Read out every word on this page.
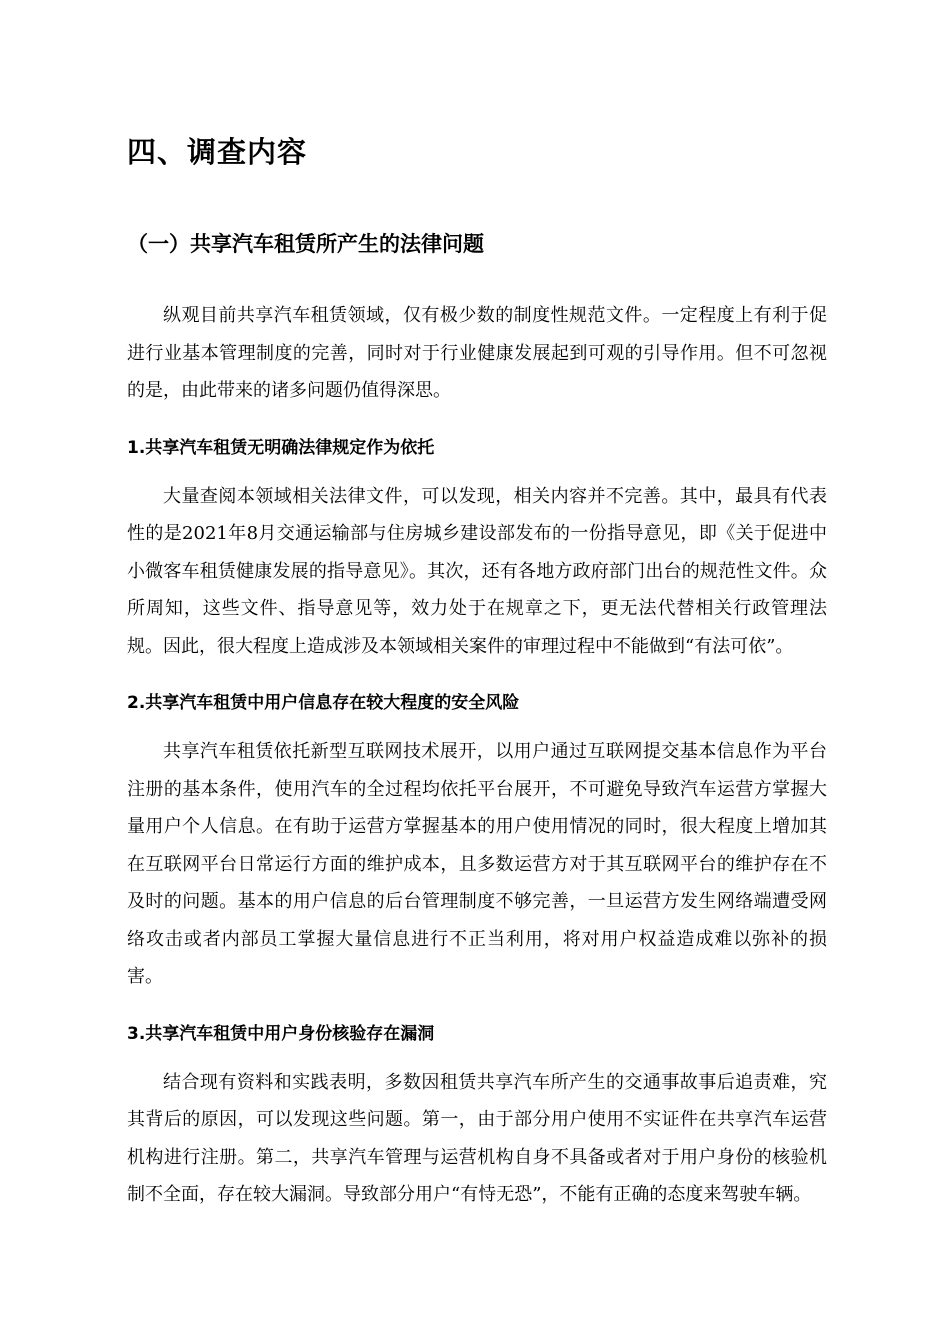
四、调查内容
（一）共享汽车租赁所产生的法律问题

纵观目前共享汽车租赁领域，仅有极少数的制度性规范文件。一定程度上有利于促进行业基本管理制度的完善，同时对于行业健康发展起到可观的引导作用。但不可忽视的是，由此带来的诸多问题仍值得深思。

1.共享汽车租赁无明确法律规定作为依托

大量查阅本领域相关法律文件，可以发现，相关内容并不完善。其中，最具有代表性的是2021年8月交通运输部与住房城乡建设部发布的一份指导意见，即《关于促进中小微客车租赁健康发展的指导意见》。其次，还有各地方政府部门出台的规范性文件。众所周知，这些文件、指导意见等，效力处于在规章之下，更无法代替相关行政管理法规。因此，很大程度上造成涉及本领域相关案件的审理过程中不能做到“有法可依”。

2.共享汽车租赁中用户信息存在较大程度的安全风险

共享汽车租赁依托新型互联网技术展开，以用户通过互联网提交基本信息作为平台注册的基本条件，使用汽车的全过程均依托平台展开，不可避免导致汽车运营方掌握大量用户个人信息。在有助于运营方掌握基本的用户使用情况的同时，很大程度上增加其在互联网平台日常运行方面的维护成本，且多数运营方对于其互联网平台的维护存在不及时的问题。基本的用户信息的后台管理制度不够完善，一旦运营方发生网络端遭受网络攻击或者内部员工掌握大量信息进行不正当利用，将对用户权益造成难以弥补的损害。

3.共享汽车租赁中用户身份核验存在漏洞

结合现有资料和实践表明，多数因租赁共享汽车所产生的交通事故事后追责难，究其背后的原因，可以发现这些问题。第一，由于部分用户使用不实证件在共享汽车运营机构进行注册。第二，共享汽车管理与运营机构自身不具备或者对于用户身份的核验机制不全面，存在较大漏洞。导致部分用户“有恃无恐”，不能有正确的态度来驾驶车辆。
